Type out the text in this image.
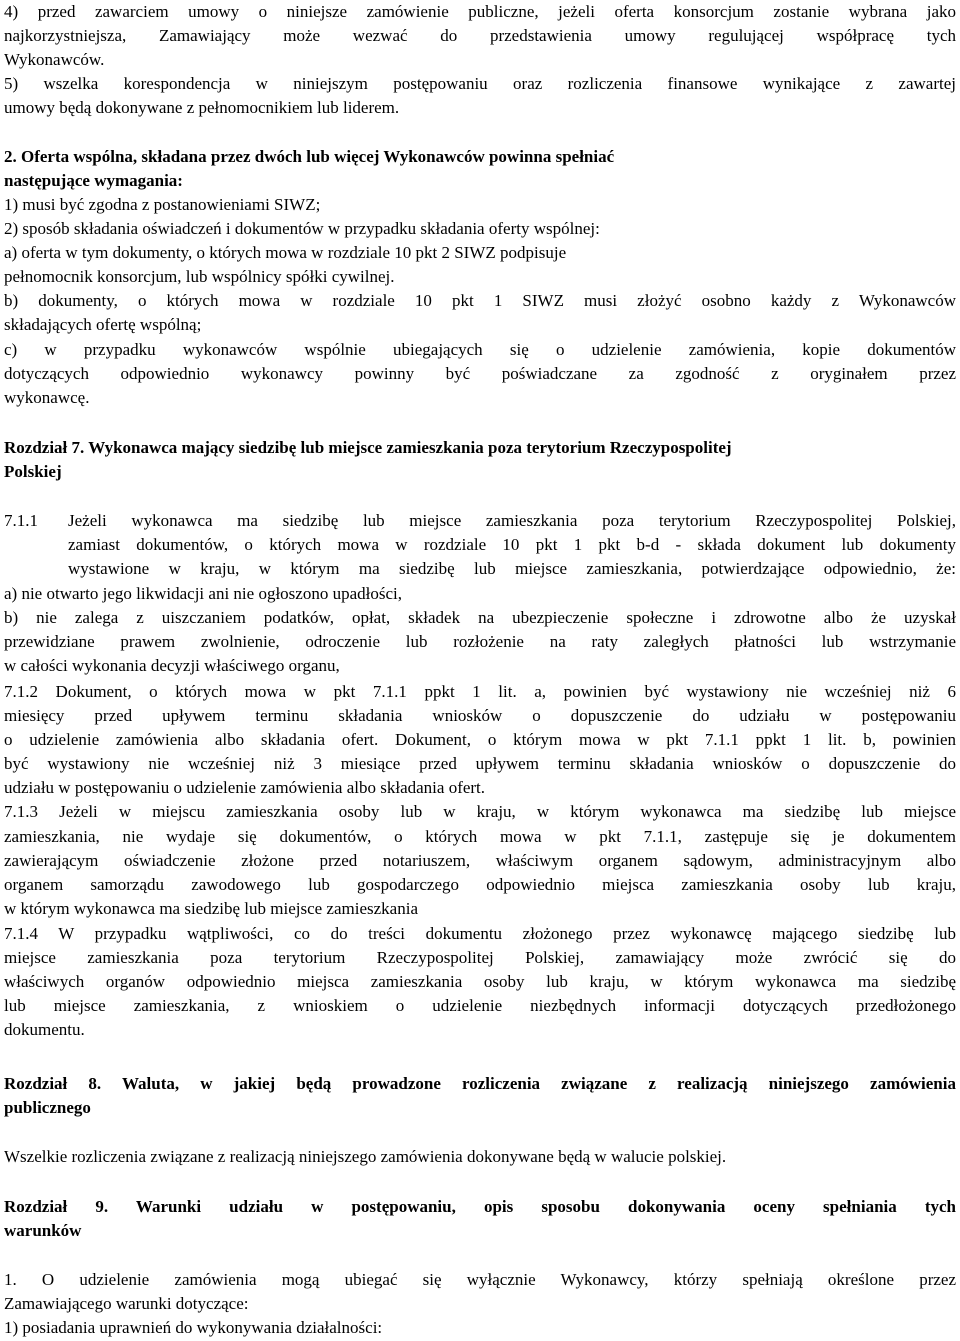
4) przed zawarciem umowy o niniejsze zamówienie publiczne, jeżeli oferta konsorcjum zostanie wybrana jako
najkorzystniejsza, Zamawiający może wezwać do przedstawienia umowy regulującej współpracę tych
Wykonawców.
5) wszelka korespondencja w niniejszym postępowaniu oraz rozliczenia finansowe wynikające z zawartej
umowy będą dokonywane z pełnomocnikiem lub liderem.
2. Oferta wspólna, składana przez dwóch lub więcej Wykonawców powinna spełniać
następujące wymagania:
1) musi być zgodna z postanowieniami SIWZ;
2) sposób składania oświadczeń i dokumentów w przypadku składania oferty wspólnej:
a) oferta w tym dokumenty, o których mowa w rozdziale 10 pkt 2 SIWZ podpisuje
pełnomocnik konsorcjum, lub wspólnicy spółki cywilnej.
b) dokumenty, o których mowa w rozdziale 10 pkt 1 SIWZ musi złożyć osobno każdy z Wykonawców
składających ofertę wspólną;
c) w przypadku wykonawców wspólnie ubiegających się o udzielenie zamówienia, kopie dokumentów
dotyczących odpowiednio wykonawcy powinny być poświadczane za zgodność z oryginałem przez
wykonawcę.
Rozdział 7. Wykonawca mający siedzibę lub miejsce zamieszkania poza terytorium Rzeczypospolitej
Polskiej
7.1.1	Jeżeli wykonawca ma siedzibę lub miejsce zamieszkania poza terytorium Rzeczypospolitej Polskiej,
zamiast dokumentów, o których mowa w rozdziale 10 pkt 1 pkt b-d - składa dokument lub dokumenty
wystawione w kraju, w którym ma siedzibę lub miejsce zamieszkania, potwierdzające odpowiednio, że:
a) nie otwarto jego likwidacji ani nie ogłoszono upadłości,
b) nie zalega z uiszczaniem podatków, opłat, składek na ubezpieczenie społeczne i zdrowotne albo że uzyskał
przewidziane prawem zwolnienie, odroczenie lub rozłożenie na raty zaległych płatności lub wstrzymanie
w całości wykonania decyzji właściwego organu,
7.1.2 Dokument, o których mowa w pkt 7.1.1 ppkt 1 lit. a, powinien być wystawiony nie wcześniej niż 6
miesięcy przed upływem terminu składania wniosków o dopuszczenie do udziału w postępowaniu
o udzielenie zamówienia albo składania ofert. Dokument, o którym mowa w pkt 7.1.1 ppkt 1 lit. b, powinien
być wystawiony nie wcześniej niż 3 miesiące przed upływem terminu składania wniosków o dopuszczenie do
udziału w postępowaniu o udzielenie zamówienia albo składania ofert.
7.1.3 Jeżeli w miejscu zamieszkania osoby lub w kraju, w którym wykonawca ma siedzibę lub miejsce
zamieszkania, nie wydaje się dokumentów, o których mowa w pkt 7.1.1, zastępuje się je dokumentem
zawierającym oświadczenie złożone przed notariuszem, właściwym organem sądowym, administracyjnym albo
organem samorządu zawodowego lub gospodarczego odpowiednio miejsca zamieszkania osoby lub kraju,
w którym wykonawca ma siedzibę lub miejsce zamieszkania
7.1.4 W przypadku wątpliwości, co do treści dokumentu złożonego przez wykonawcę mającego siedzibę lub
miejsce zamieszkania poza terytorium Rzeczypospolitej Polskiej, zamawiający może zwrócić się do
właściwych organów odpowiednio miejsca zamieszkania osoby lub kraju, w którym wykonawca ma siedzibę
lub miejsce zamieszkania, z wnioskiem o udzielenie niezbędnych informacji dotyczących przedłożonego
dokumentu.
Rozdział 8. Waluta, w jakiej będą prowadzone rozliczenia związane z realizacją niniejszego zamówienia
publicznego
Wszelkie rozliczenia związane z realizacją niniejszego zamówienia dokonywane będą w walucie polskiej.
Rozdział 9. Warunki udziału w postępowaniu, opis sposobu dokonywania oceny spełniania tych
warunków
1. O udzielenie zamówienia mogą ubiegać się wyłącznie Wykonawcy, którzy spełniają określone przez
Zamawiającego warunki dotyczące:
1) posiadania uprawnień do wykonywania działalności:
